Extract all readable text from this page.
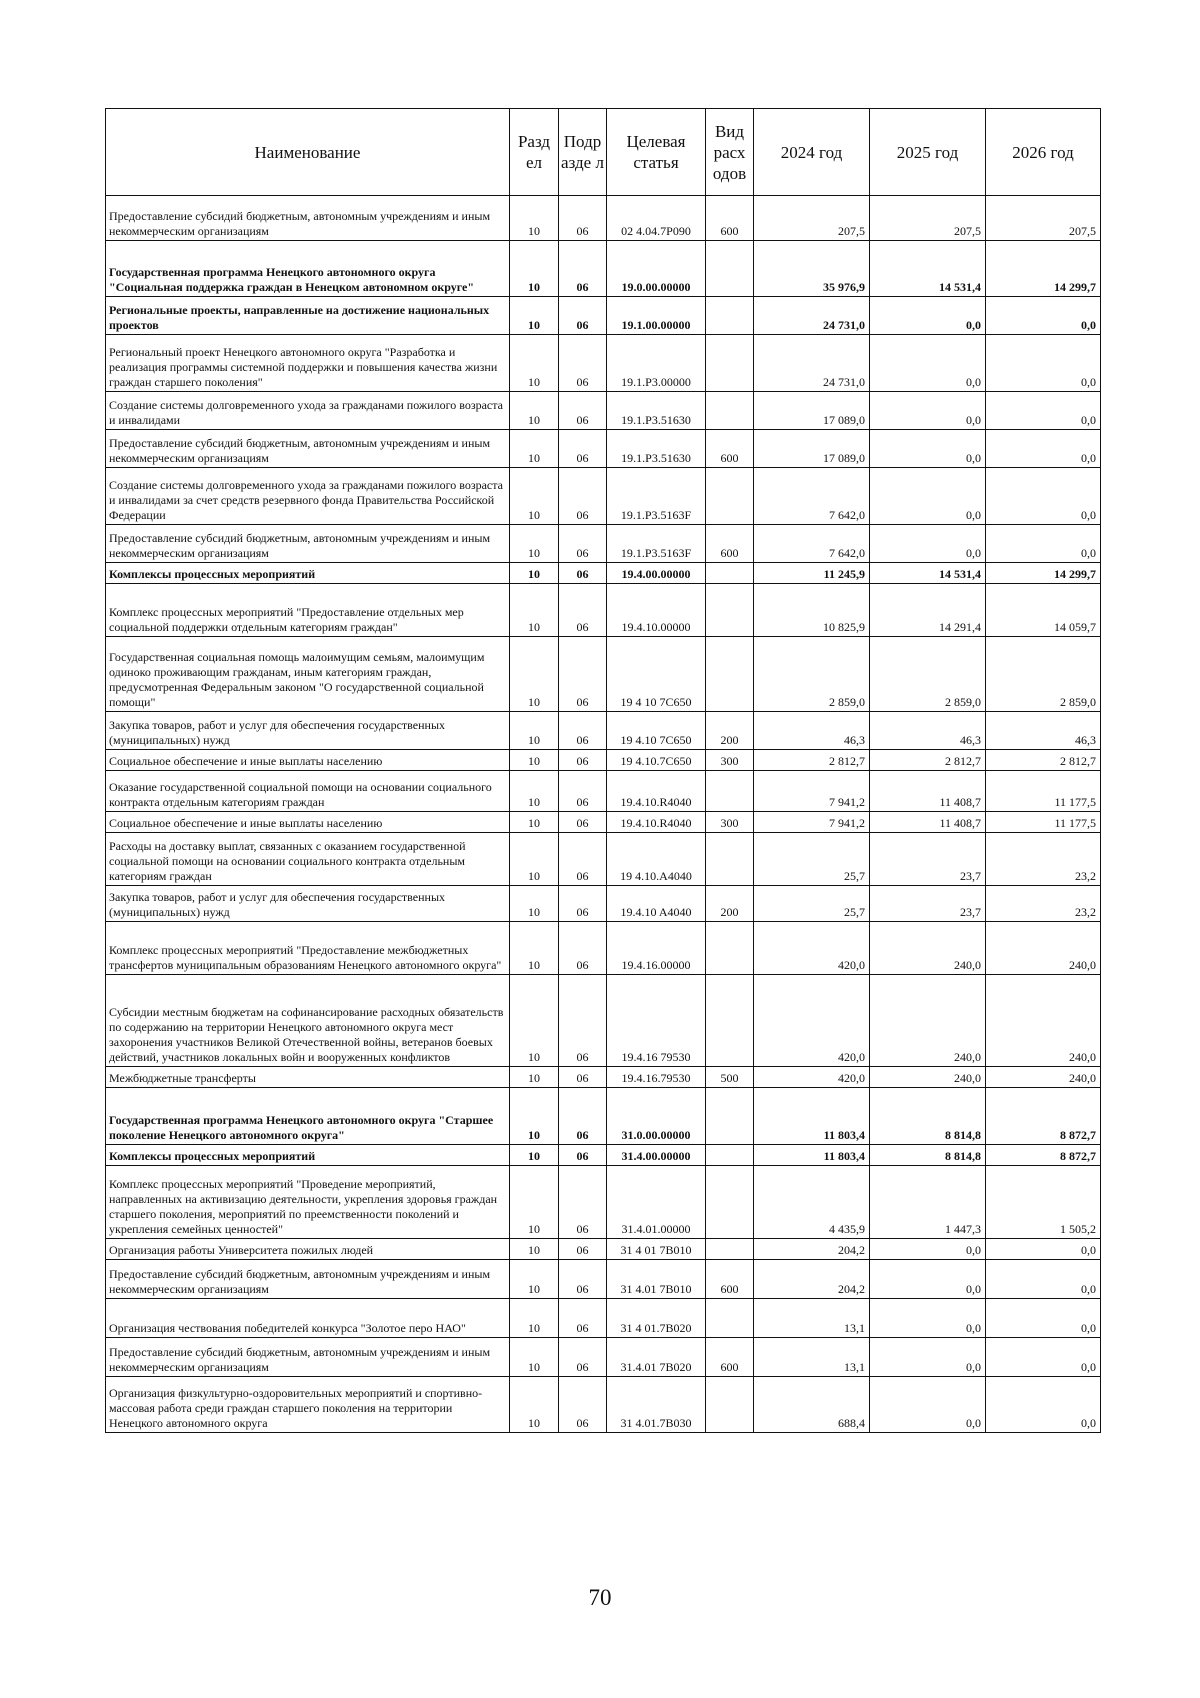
Наименование	Разд ел	Подр азде л	Целевая статья	Вид расх одов	2024 год	2025 год	2026 год
Предоставление субсидий бюджетным, автономным учреждениям и иным некоммерческим организациям	10	06	02 4.04.7P090	600	207,5	207,5	207,5
Государственная программа Ненецкого автономного округа "Социальная поддержка граждан в Ненецком автономном округе"	10	06	19.0.00.00000		35 976,9	14 531,4	14 299,7
Региональные проекты, направленные на достижение национальных проектов	10	06	19.1.00.00000		24 731,0	0,0	0,0
Региональный проект Ненецкого автономного округа "Разработка и реализация программы системной поддержки и повышения качества жизни граждан старшего поколения"	10	06	19.1.P3.00000		24 731,0	0,0	0,0
Создание системы долговременного ухода за гражданами пожилого возраста и инвалидами	10	06	19.1.P3.51630		17 089,0	0,0	0,0
Предоставление субсидий бюджетным, автономным учреждениям и иным некоммерческим организациям	10	06	19.1.P3.51630	600	17 089,0	0,0	0,0
Создание системы долговременного ухода за гражданами пожилого возраста и инвалидами за счет средств резервного фонда Правительства Российской Федерации	10	06	19.1.P3.5163F		7 642,0	0,0	0,0
Предоставление субсидий бюджетным, автономным учреждениям и иным некоммерческим организациям	10	06	19.1.P3.5163F	600	7 642,0	0,0	0,0
Комплексы процессных мероприятий	10	06	19.4.00.00000		11 245,9	14 531,4	14 299,7
Комплекс процессных мероприятий "Предоставление отдельных мер социальной поддержки отдельным категориям граждан"	10	06	19.4.10.00000		10 825,9	14 291,4	14 059,7
Государственная социальная помощь малоимущим семьям, малоимущим одиноко проживающим гражданам, иным категориям граждан, предусмотренная Федеральным законом "О государственной социальной помощи"	10	06	19 4 10 7C650		2 859,0	2 859,0	2 859,0
Закупка товаров, работ и услуг для обеспечения государственных (муниципальных) нужд	10	06	19 4.10 7C650	200	46,3	46,3	46,3
Социальное обеспечение и иные выплаты населению	10	06	19 4.10.7C650	300	2 812,7	2 812,7	2 812,7
Оказание государственной социальной помощи на основании социального контракта отдельным категориям граждан	10	06	19.4.10.R4040		7 941,2	11 408,7	11 177,5
Социальное обеспечение и иные выплаты населению	10	06	19.4.10.R4040	300	7 941,2	11 408,7	11 177,5
Расходы на доставку выплат, связанных с оказанием государственной социальной помощи на основании социального контракта отдельным категориям граждан	10	06	19 4.10.A4040		25,7	23,7	23,2
Закупка товаров, работ и услуг для обеспечения государственных (муниципальных) нужд	10	06	19.4.10 A4040	200	25,7	23,7	23,2
Комплекс процессных мероприятий "Предоставление межбюджетных трансфертов муниципальным образованиям Ненецкого автономного округа"	10	06	19.4.16.00000		420,0	240,0	240,0
Субсидии местным бюджетам на софинансирование расходных обязательств по содержанию на территории Ненецкого автономного округа мест захоронения участников Великой Отечественной войны, ветеранов боевых действий, участников локальных войн и вооруженных конфликтов	10	06	19.4.16 79530		420,0	240,0	240,0
Межбюджетные трансферты	10	06	19.4.16.79530	500	420,0	240,0	240,0
Государственная программа Ненецкого автономного округа "Старшее поколение Ненецкого автономного округа"	10	06	31.0.00.00000		11 803,4	8 814,8	8 872,7
Комплексы процессных мероприятий	10	06	31.4.00.00000		11 803,4	8 814,8	8 872,7
Комплекс процессных мероприятий "Проведение мероприятий, направленных на активизацию деятельности, укрепления здоровья граждан старшего поколения, мероприятий по преемственности поколений и укрепления семейных ценностей"	10	06	31.4.01.00000		4 435,9	1 447,3	1 505,2
Организация работы Университета пожилых людей	10	06	31 4 01 7B010		204,2	0,0	0,0
Предоставление субсидий бюджетным, автономным учреждениям и иным некоммерческим организациям	10	06	31 4.01 7B010	600	204,2	0,0	0,0
Организация чествования победителей конкурса "Золотое перо НАО"	10	06	31 4 01.7B020		13,1	0,0	0,0
Предоставление субсидий бюджетным, автономным учреждениям и иным некоммерческим организациям	10	06	31.4.01 7B020	600	13,1	0,0	0,0
Организация физкультурно-оздоровительных мероприятий и спортивно-массовая работа среди граждан старшего поколения на территории Ненецкого автономного округа	10	06	31 4.01.7B030		688,4	0,0	0,0
70
